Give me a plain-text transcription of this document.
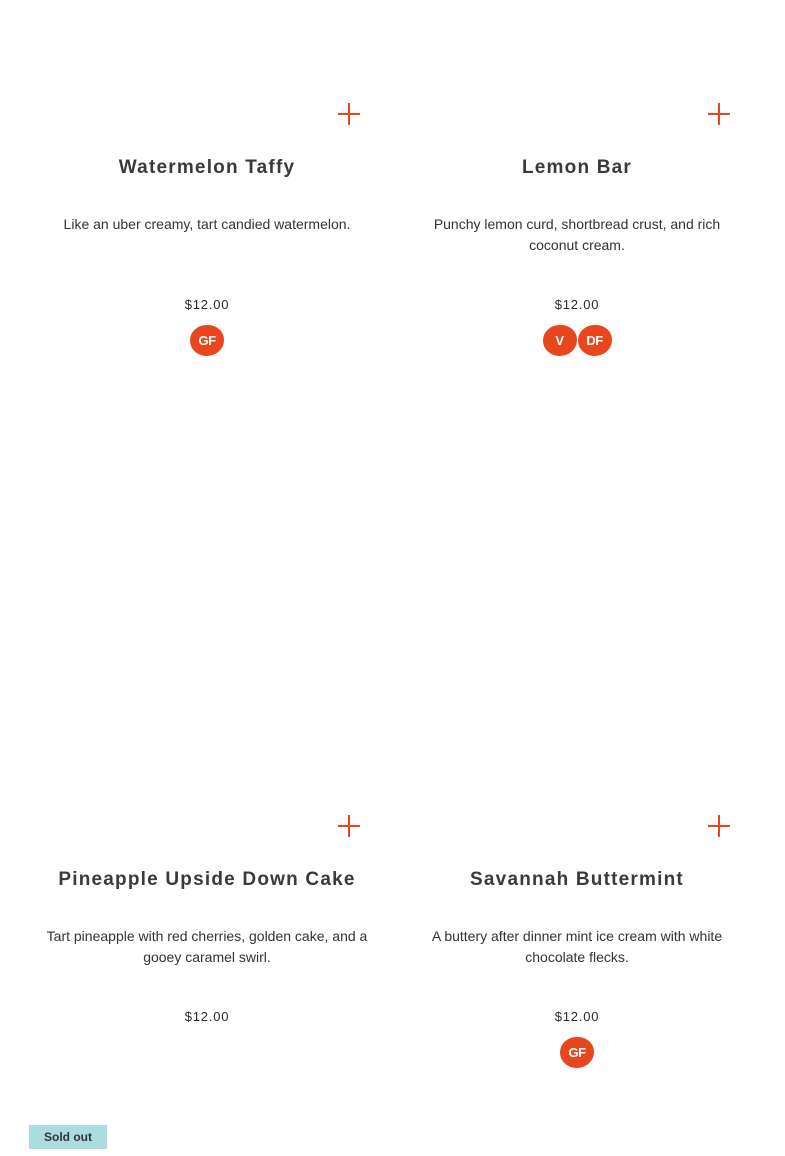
Watermelon Taffy

Like an uber creamy, tart candied watermelon.

$12.00
GF
Lemon Bar

Punchy lemon curd, shortbread crust, and rich coconut cream.

$12.00
V	DF
Pineapple Upside Down Cake

Tart pineapple with red cherries, golden cake, and a gooey caramel swirl.

$12.00
Savannah Buttermint

A buttery after dinner mint ice cream with white chocolate flecks.

$12.00
GF
Sold out
